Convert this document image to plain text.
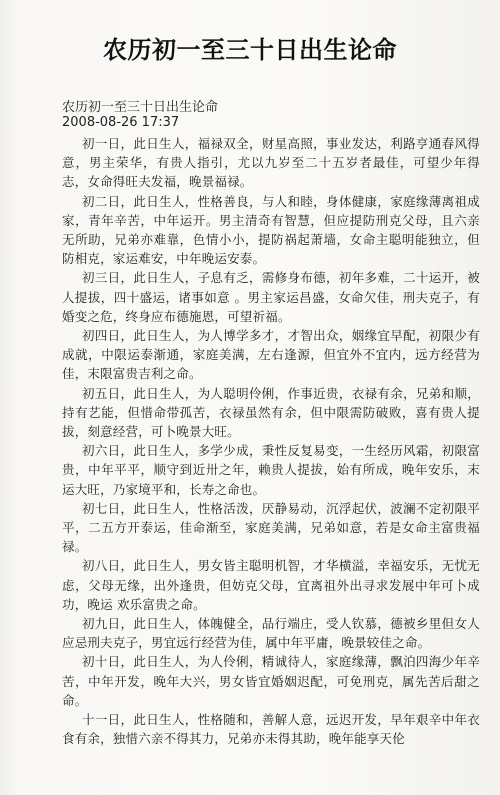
农历初一至三十日出生论命
农历初一至三十日出生论命
2008-08-26 17:37

初一日，此日生人，福禄双全，财星高照，事业发达，利路亨通春风得意，男主荣华，有贵人指引，尤以九岁至二十五岁者最佳，可望少年得志，女命得旺夫发福，晚景福禄。

初二日，此日生人，性格善良，与人和睦，身体健康，家庭缘薄离祖成家，青年辛苦，中年运开。男主清奇有智慧，但应提防刑克父母，且六亲无所助，兄弟亦难靠，色情小小，提防祸起萧墙，女命主聪明能独立，但防相克，家运难安，中年晚运安泰。

初三日，此日生人，子息有乏，需修身布德，初年多难，二十运开，被人提拔，四十盛运，诸事如意 。男主家运昌盛，女命欠佳，刑夫克子，有婚变之危，终身应布德施恩，可望祈福。

初四日，此日生人，为人博学多才，才智出众，姻缘宜早配，初限少有成就，中限运泰渐通，家庭美满，左右逢源，但宜外不宜内，远方经营为佳，末限富贵吉利之命。

初五日，此日生人，为人聪明伶俐，作事近贵，衣禄有余，兄弟和顺，持有艺能，但惜命带孤苦，衣禄虽然有余，但中限需防破败，喜有贵人提拔，刻意经营，可卜晚景大旺。

初六日，此日生人，多学少成，秉性反复易变，一生经历风霜，初限富贵，中年平平，顺守到近卅之年，赖贵人提拔，始有所成，晚年安乐，末运大旺，乃家境平和，长寿之命也。

初七日，此日生人，性格活泼，厌静易动，沉浮起伏，波澜不定初限平平，二五方开泰运，佳命渐至，家庭美满，兄弟如意，若是女命主富贵福禄。

初八日，此日生人，男女皆主聪明机智，才华横溢，幸福安乐，无忧无虑，父母无缘，出外逢贵，但妨克父母，宜离祖外出寻求发展中年可卜成功，晚运 欢乐富贵之命。

初九日，此日生人，体魄健全，品行端庄，受人钦慕，德被乡里但女人应忌刑夫克子，男宜远行经营为佳，属中年平庸，晚景较佳之命。

初十日，此日生人，为人伶俐，精诚待人，家庭缘薄，飘泊四海少年辛苦，中年开发，晚年大兴，男女皆宜婚姻迟配，可免刑克，属先苦后甜之命。

十一日，此日生人，性格随和，善解人意，远迟开发，早年艰辛中年衣食有余，独惜六亲不得其力，兄弟亦未得其助，晚年能享天伦
